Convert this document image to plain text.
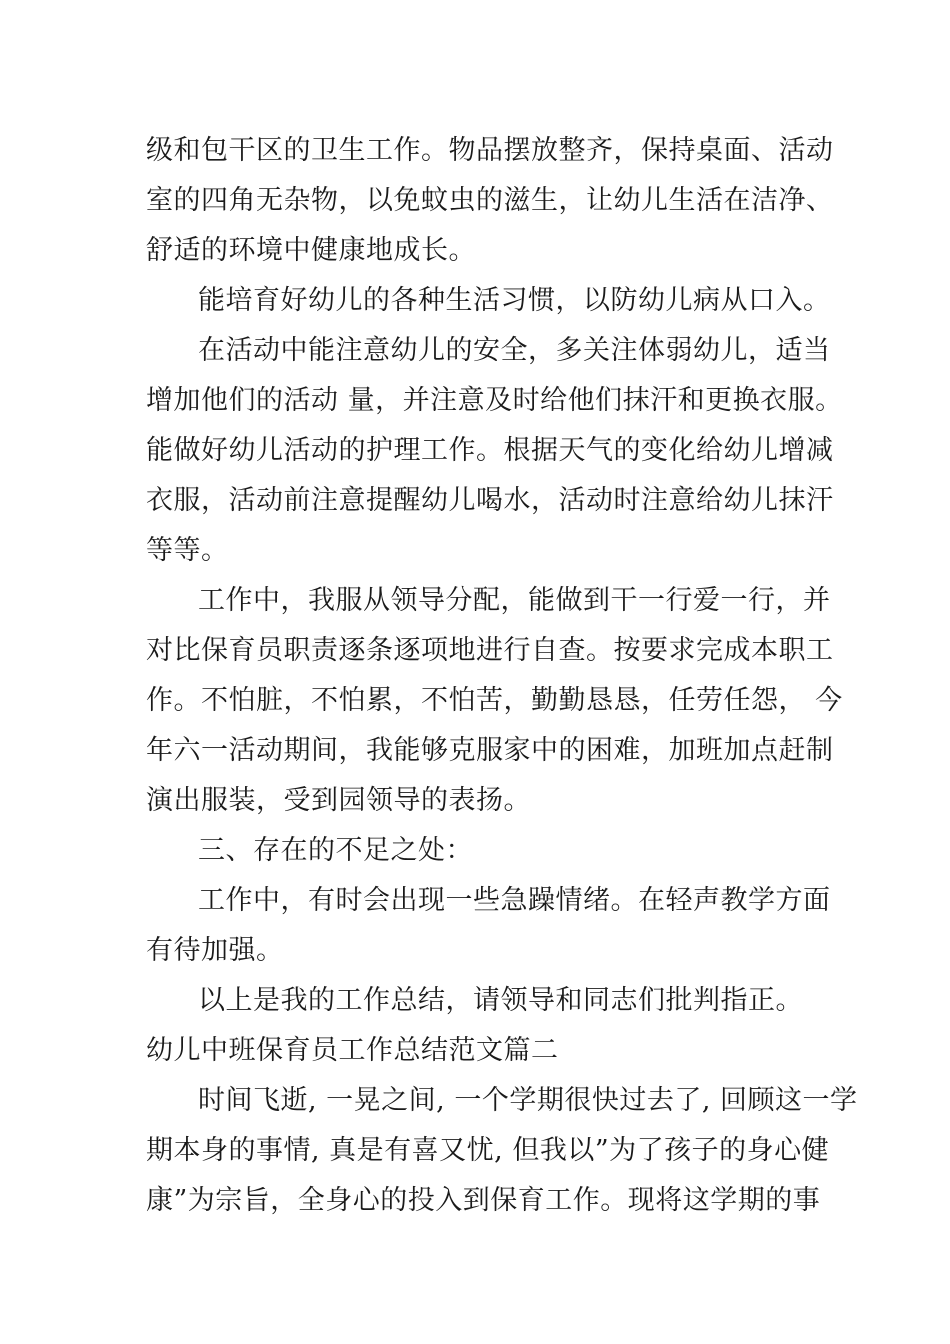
级和包干区的卫生工作。物品摆放整齐，保持桌面、活动
室的四角无杂物，以免蚊虫的滋生，让幼儿生活在洁净、
舒适的环境中健康地成长。
能培育好幼儿的各种生活习惯，以防幼儿病从口入。
在活动中能注意幼儿的安全，多关注体弱幼儿，适当
增加他们的活动 量，并注意及时给他们抹汗和更换衣服。
能做好幼儿活动的护理工作。根据天气的变化给幼儿增减
衣服，活动前注意提醒幼儿喝水，活动时注意给幼儿抹汗
等等。
工作中，我服从领导分配，能做到干一行爱一行，并
对比保育员职责逐条逐项地进行自查。按要求完成本职工
作。不怕脏，不怕累，不怕苦，勤勤恳恳，任劳任怨， 今
年六一活动期间，我能够克服家中的困难，加班加点赶制
演出服装，受到园领导的表扬。
三、存在的不足之处：
工作中，有时会出现一些急躁情绪。在轻声教学方面
有待加强。
以上是我的工作总结，请领导和同志们批判指正。
幼儿中班保育员工作总结范文篇二
时间飞逝, 一晃之间, 一个学期很快过去了, 回顾这一学
期本身的事情, 真是有喜又忧, 但我以”为了孩子的身心健
康”为宗旨，全身心的投入到保育工作。现将这学期的事
